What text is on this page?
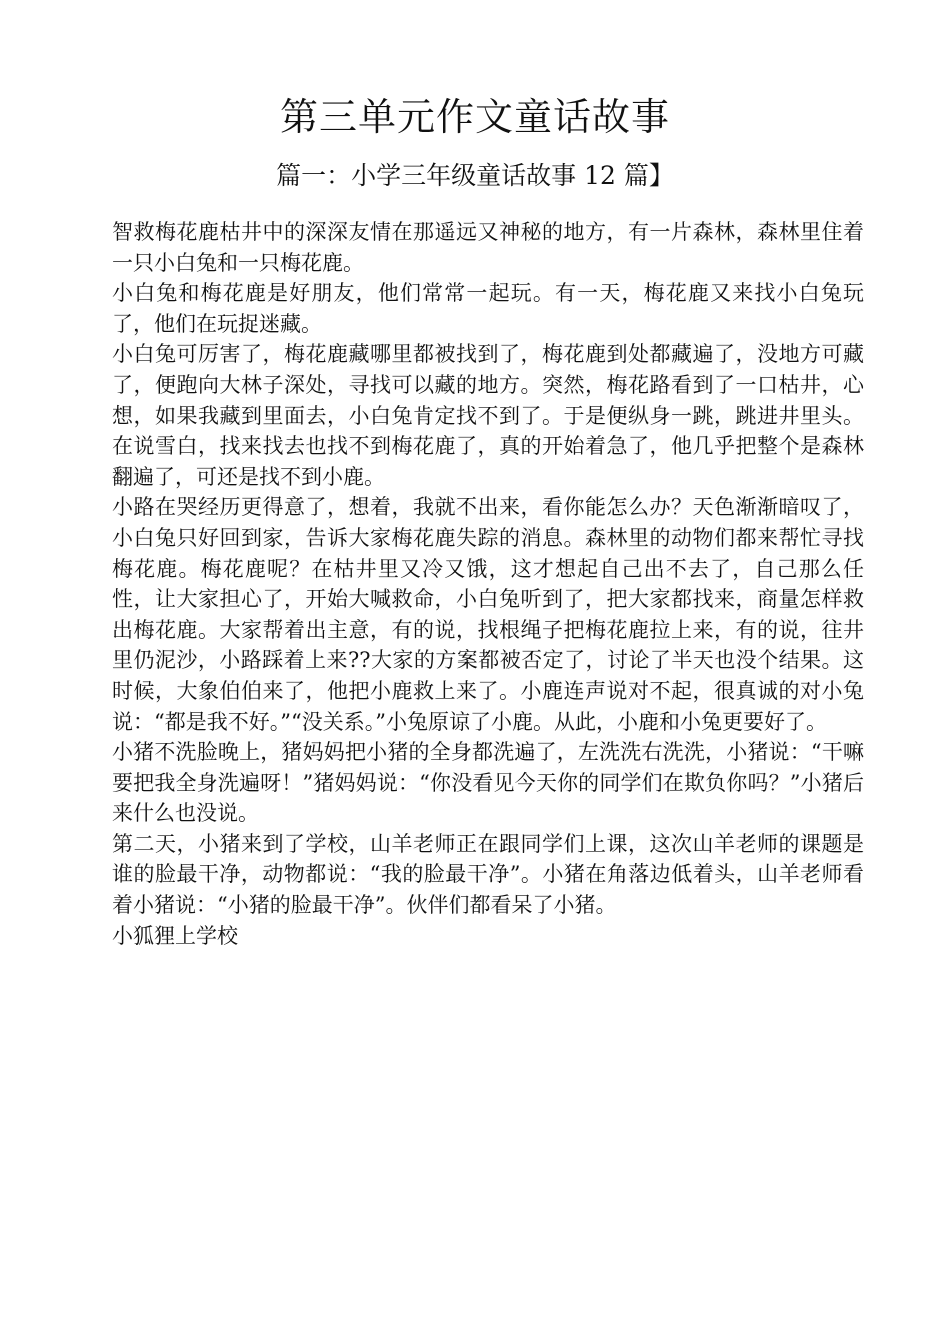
第三单元作文童话故事
篇一：小学三年级童话故事 12 篇】

智救梅花鹿枯井中的深深友情在那遥远又神秘的地方，有一片森林，森林里住着一只小白兔和一只梅花鹿。

小白兔和梅花鹿是好朋友，他们常常一起玩。有一天，梅花鹿又来找小白兔玩了，他们在玩捉迷藏。

小白兔可厉害了，梅花鹿藏哪里都被找到了，梅花鹿到处都藏遍了，没地方可藏了，便跑向大林子深处，寻找可以藏的地方。突然，梅花路看到了一口枯井，心想，如果我藏到里面去，小白兔肯定找不到了。于是便纵身一跳，跳进井里头。在说雪白，找来找去也找不到梅花鹿了，真的开始着急了，他几乎把整个是森林翻遍了，可还是找不到小鹿。

小路在哭经历更得意了，想着，我就不出来，看你能怎么办？天色渐渐暗叹了，小白兔只好回到家，告诉大家梅花鹿失踪的消息。森林里的动物们都来帮忙寻找梅花鹿。梅花鹿呢？在枯井里又冷又饿，这才想起自己出不去了，自己那么任性，让大家担心了，开始大喊救命，小白兔听到了，把大家都找来，商量怎样救出梅花鹿。大家帮着出主意，有的说，找根绳子把梅花鹿拉上来，有的说，往井里仍泥沙，小路踩着上来??大家的方案都被否定了，讨论了半天也没个结果。这时候，大象伯伯来了，他把小鹿救上来了。小鹿连声说对不起，很真诚的对小兔说：“都是我不好。”“没关系。”小兔原谅了小鹿。从此，小鹿和小兔更要好了。

小猪不洗脸晚上，猪妈妈把小猪的全身都洗遍了，左洗洗右洗洗，小猪说：“干嘛要把我全身洗遍呀！”猪妈妈说：“你没看见今天你的同学们在欺负你吗？”小猪后来什么也没说。

第二天，小猪来到了学校，山羊老师正在跟同学们上课，这次山羊老师的课题是谁的脸最干净，动物都说：“我的脸最干净”。小猪在角落边低着头，山羊老师看着小猪说：“小猪的脸最干净”。伙伴们都看呆了小猪。

小狐狸上学校
